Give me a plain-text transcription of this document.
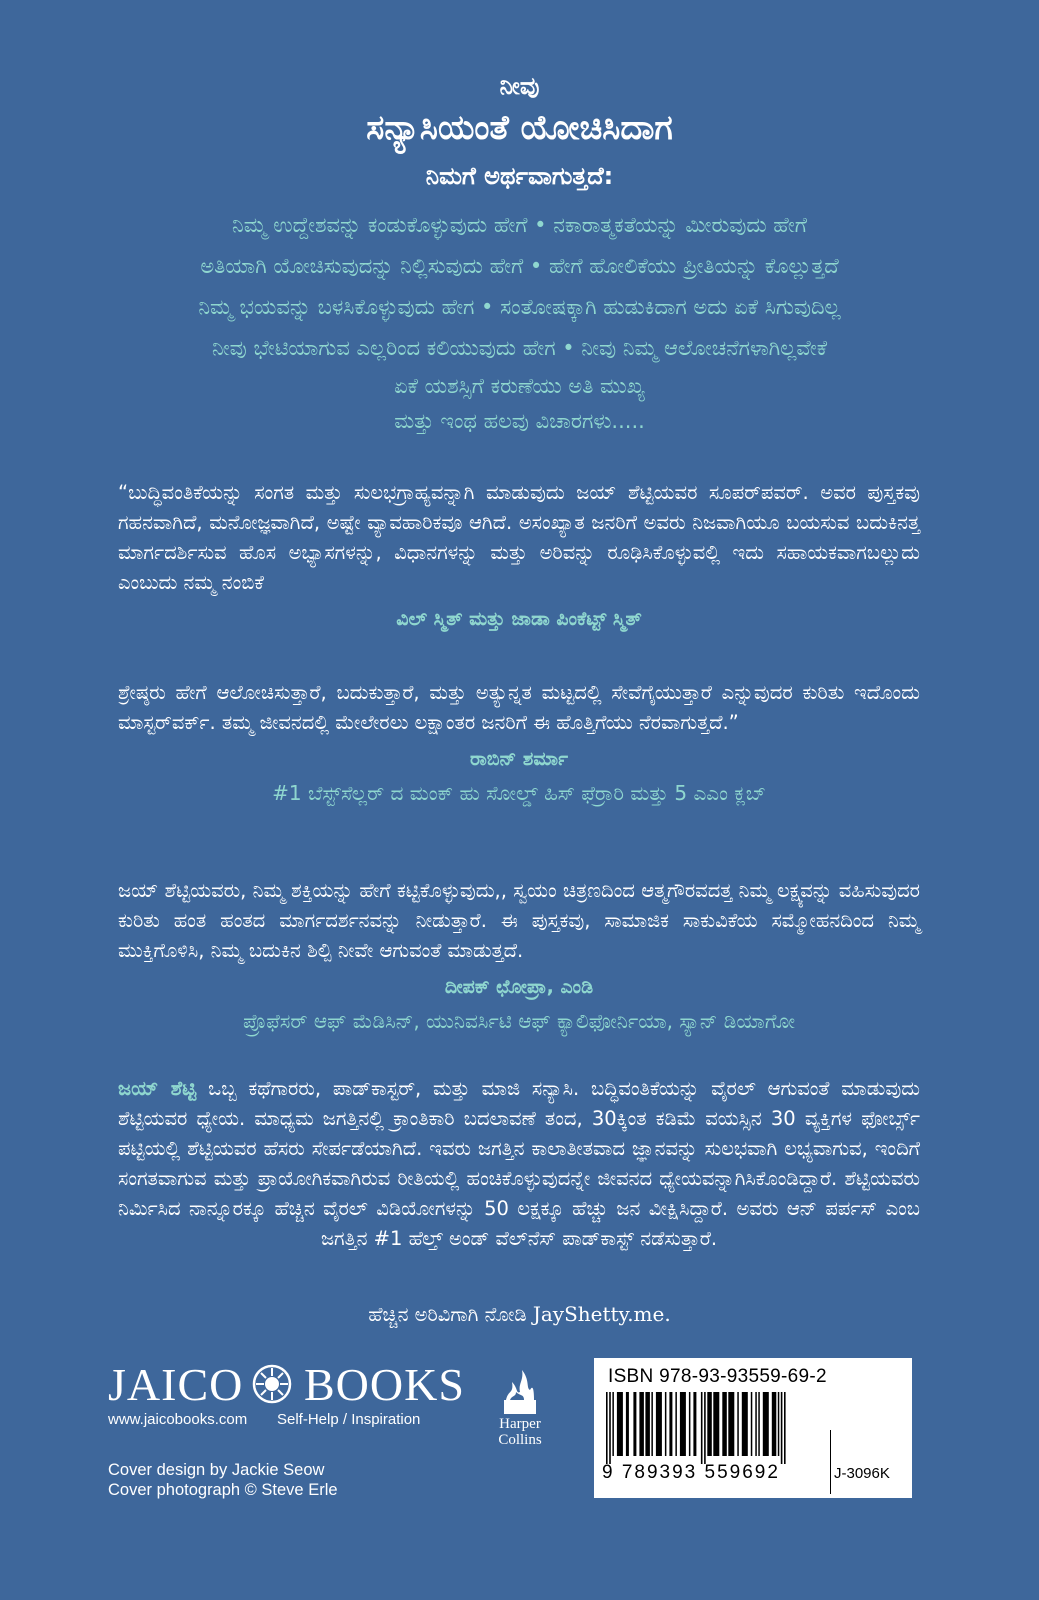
ನೀವು
ಸನ್ಯಾಸಿಯಂತೆ ಯೋಚಿಸಿದಾಗ
ನಿಮಗೆ ಅರ್ಥವಾಗುತ್ತದೆ:
ನಿಮ್ಮ ಉದ್ದೇಶವನ್ನು ಕಂಡುಕೊಳ್ಳುವುದು ಹೇಗೆ • ನಕಾರಾತ್ಮಕತೆಯನ್ನು ಮೀರುವುದು ಹೇಗೆ
ಅತಿಯಾಗಿ ಯೋಚಿಸುವುದನ್ನು ನಿಲ್ಲಿಸುವುದು ಹೇಗೆ • ಹೇಗೆ ಹೋಲಿಕೆಯು ಪ್ರೀತಿಯನ್ನು ಕೊಲ್ಲುತ್ತದೆ
ನಿಮ್ಮ ಭಯವನ್ನು ಬಳಸಿಕೊಳ್ಳುವುದು ಹೇಗ • ಸಂತೋಷಕ್ಕಾಗಿ ಹುಡುಕಿದಾಗ ಅದು ಏಕೆ ಸಿಗುವುದಿಲ್ಲ
ನೀವು ಭೇಟಿಯಾಗುವ ಎಲ್ಲರಿಂದ ಕಲಿಯುವುದು ಹೇಗ • ನೀವು ನಿಮ್ಮ ಆಲೋಚನೆಗಳಾಗಿಲ್ಲವೇಕೆ
ಏಕೆ ಯಶಸ್ಸಿಗೆ ಕರುಣೆಯು ಅತಿ ಮುಖ್ಯ
ಮತ್ತು ಇಂಥ ಹಲವು ವಿಚಾರಗಳು.....
“ಬುದ್ಧಿವಂತಿಕೆಯನ್ನು ಸಂಗತ ಮತ್ತು ಸುಲಭಗ್ರಾಹ್ಯವನ್ನಾಗಿ ಮಾಡುವುದು ಜಯ್ ಶೆಟ್ಟಿಯವರ ಸೂಪರ್‌ಪವರ್. ಅವರ ಪುಸ್ತಕವು ಗಹನವಾಗಿದೆ, ಮನೋಜ್ಞವಾಗಿದೆ, ಅಷ್ಟೇ ವ್ಯಾವಹಾರಿಕವೂ ಆಗಿದೆ. ಅಸಂಖ್ಯಾತ ಜನರಿಗೆ ಅವರು ನಿಜವಾಗಿಯೂ ಬಯಸುವ ಬದುಕಿನತ್ತ ಮಾರ್ಗದರ್ಶಿಸುವ ಹೊಸ ಅಭ್ಯಾಸಗಳನ್ನು, ವಿಧಾನಗಳನ್ನು ಮತ್ತು ಅರಿವನ್ನು ರೂಢಿಸಿಕೊಳ್ಳುವಲ್ಲಿ ಇದು ಸಹಾಯಕವಾಗಬಲ್ಲುದು ಎಂಬುದು ನಮ್ಮ ನಂಬಿಕೆ
ವಿಲ್ ಸ್ಮಿತ್ ಮತ್ತು ಜಾಡಾ ಪಿಂಕೆಟ್ಟ್ ಸ್ಮಿತ್
ಶ್ರೇಷ್ಠರು ಹೇಗೆ ಆಲೋಚಿಸುತ್ತಾರೆ, ಬದುಕುತ್ತಾರೆ, ಮತ್ತು ಅತ್ಯುನ್ನತ ಮಟ್ಟದಲ್ಲಿ ಸೇವೆಗೈಯುತ್ತಾರೆ ಎನ್ನುವುದರ ಕುರಿತು ಇದೊಂದು ಮಾಸ್ಟರ್‌ವರ್ಕ್. ತಮ್ಮ ಜೀವನದಲ್ಲಿ ಮೇಲೇರಲು ಲಕ್ಷಾಂತರ ಜನರಿಗೆ ಈ ಹೊತ್ತಿಗೆಯು ನೆರವಾಗುತ್ತದೆ.”
ರಾಬಿನ್ ಶರ್ಮಾ
#1 ಬೆಸ್ಟ್‌ಸೆಲ್ಲರ್ ದ ಮಂಕ್ ಹು ಸೋಲ್ಡ್ ಹಿಸ್ ಫೆರ್ರಾರಿ ಮತ್ತು 5 ಎಎಂ ಕ್ಲಬ್
ಜಯ್ ಶೆಟ್ಟಿಯವರು, ನಿಮ್ಮ ಶಕ್ತಿಯನ್ನು ಹೇಗೆ ಕಟ್ಟಿಕೊಳ್ಳುವುದು,, ಸ್ವಯಂ ಚಿತ್ರಣದಿಂದ ಆತ್ಮಗೌರವದತ್ತ ನಿಮ್ಮ ಲಕ್ಷ್ಯವನ್ನು ವಹಿಸುವುದರ ಕುರಿತು ಹಂತ ಹಂತದ ಮಾರ್ಗದರ್ಶನವನ್ನು ನೀಡುತ್ತಾರೆ. ಈ ಪುಸ್ತಕವು, ಸಾಮಾಜಿಕ ಸಾಕುವಿಕೆಯ ಸಮ್ಮೋಹನದಿಂದ ನಿಮ್ಮ ಮುಕ್ತಿಗೊಳಿಸಿ, ನಿಮ್ಮ ಬದುಕಿನ ಶಿಲ್ಪಿ ನೀವೇ ಆಗುವಂತೆ ಮಾಡುತ್ತದೆ.
ದೀಪಕ್ ಛೋಪ್ರಾ, ಎಂಡಿ
ಪ್ರೊಫೆಸರ್ ಆಫ್ ಮೆಡಿಸಿನ್, ಯುನಿವರ್ಸಿಟಿ ಆಫ್ ಕ್ಯಾಲಿಫೋರ್ನಿಯಾ, ಸ್ಯಾನ್ ಡಿಯಾಗೋ
ಜಯ್ ಶೆಟ್ಟಿ ಒಬ್ಬ ಕಥೆಗಾರರು, ಪಾಡ್‌ಕಾಸ್ಟರ್, ಮತ್ತು ಮಾಜಿ ಸನ್ಯಾಸಿ. ಬದ್ಧಿವಂತಿಕೆಯನ್ನು ವೈರಲ್ ಆಗುವಂತೆ ಮಾಡುವುದು ಶೆಟ್ಟಿಯವರ ಧ್ಯೇಯ. ಮಾಧ್ಯಮ ಜಗತ್ತಿನಲ್ಲಿ ಕ್ರಾಂತಿಕಾರಿ ಬದಲಾವಣೆ ತಂದ, 30ಕ್ಕಿಂತ ಕಡಿಮೆ ವಯಸ್ಸಿನ 30 ವ್ಯಕ್ತಿಗಳ ಫೋರ್ಬ್ಸ್ ಪಟ್ಟಿಯಲ್ಲಿ ಶೆಟ್ಟಿಯವರ ಹೆಸರು ಸೇರ್ಪಡೆಯಾಗಿದೆ. ಇವರು ಜಗತ್ತಿನ ಕಾಲಾತೀತವಾದ ಜ್ಞಾನವನ್ನು ಸುಲಭವಾಗಿ ಲಭ್ಯವಾಗುವ, ಇಂದಿಗೆ ಸಂಗತವಾಗುವ ಮತ್ತು ಪ್ರಾಯೋಗಿಕವಾಗಿರುವ ರೀತಿಯಲ್ಲಿ ಹಂಚಿಕೊಳ್ಳುವುದನ್ನೇ ಜೀವನದ ಧ್ಯೇಯವನ್ನಾಗಿಸಿಕೊಂಡಿದ್ದಾರೆ. ಶೆಟ್ಟಿಯವರು ನಿರ್ಮಿಸಿದ ನಾನ್ನೂರಕ್ಕೂ ಹೆಚ್ಚಿನ ವೈರಲ್ ವಿಡಿಯೋಗಳನ್ನು 50 ಲಕ್ಷಕ್ಕೂ ಹೆಚ್ಚು ಜನ ವೀಕ್ಷಿಸಿದ್ದಾರೆ. ಅವರು ಆನ್ ಪರ್ಪಸ್ ಎಂಬ ಜಗತ್ತಿನ #1 ಹೆಲ್ತ್ ಅಂಡ್ ವೆಲ್‌ನೆಸ್ ಪಾಡ್‌ಕಾಸ್ಟ್ ನಡೆಸುತ್ತಾರೆ.
ಹೆಚ್ಚಿನ ಅರಿವಿಗಾಗಿ ನೋಡಿ JayShetty.me.
JAICO BOOKS
www.jaicobooks.com Self-Help / Inspiration	Harper
Collins
Cover design by Jackie Seow
Cover photograph © Steve Erle
ISBN 978-93-93559-69-2
9 789393 559692	J-3096K
